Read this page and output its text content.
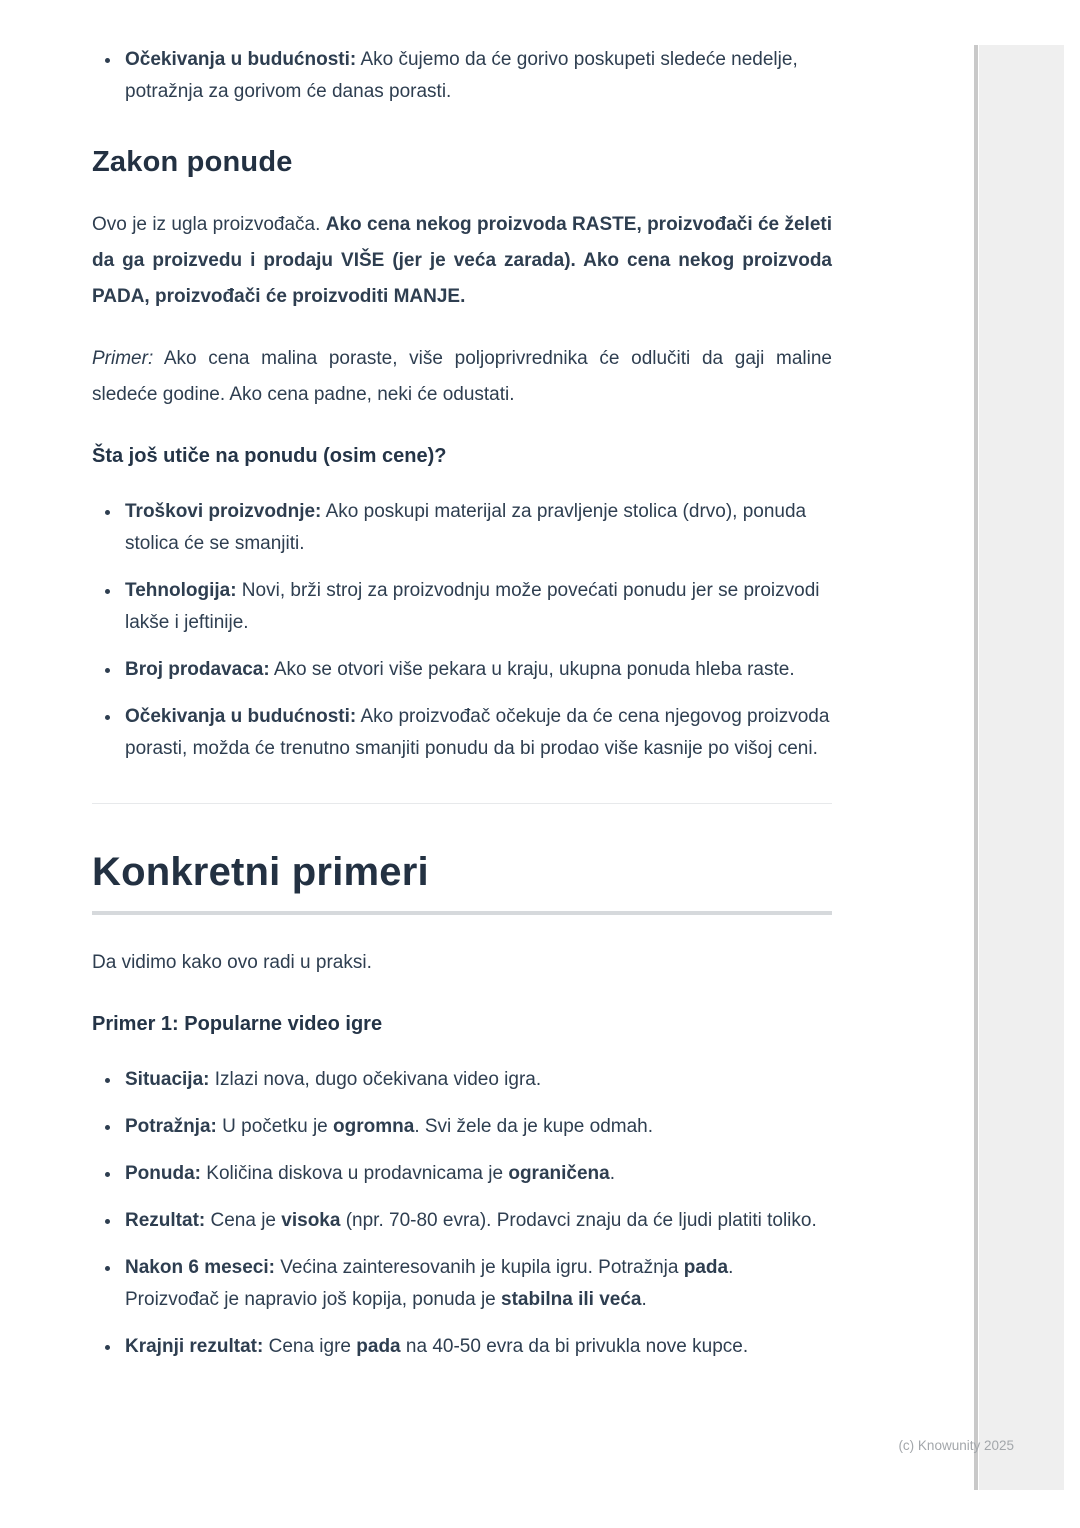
• Očekivanja u budućnosti: Ako čujemo da će gorivo poskupeti sledeće nedelje, potražnja za gorivom će danas porasti.
Zakon ponude

Ovo je iz ugla proizvođača. Ako cena nekog proizvoda RASTE, proizvođači će želeti da ga proizvedu i prodaju VIŠE (jer je veća zarada). Ako cena nekog proizvoda PADA, proizvođači će proizvoditi MANJE.

Primer: Ako cena malina poraste, više poljoprivrednika će odlučiti da gaji maline sledeće godine. Ako cena padne, neki će odustati.

Šta još utiče na ponudu (osim cene)?
• Troškovi proizvodnje: Ako poskupi materijal za pravljenje stolica (drvo), ponuda stolica će se smanjiti.
• Tehnologija: Novi, brži stroj za proizvodnju može povećati ponudu jer se proizvodi lakše i jeftinije.
• Broj prodavaca: Ako se otvori više pekara u kraju, ukupna ponuda hleba raste.
• Očekivanja u budućnosti: Ako proizvođač očekuje da će cena njegovog proizvoda porasti, možda će trenutno smanjiti ponudu da bi prodao više kasnije po višoj ceni.
Konkretni primeri

Da vidimo kako ovo radi u praksi.

Primer 1: Popularne video igre
• Situacija: Izlazi nova, dugo očekivana video igra.
• Potražnja: U početku je ogromna. Svi žele da je kupe odmah.
• Ponuda: Količina diskova u prodavnicama je ograničena.
• Rezultat: Cena je visoka (npr. 70-80 evra). Prodavci znaju da će ljudi platiti toliko.
• Nakon 6 meseci: Većina zainteresovanih je kupila igru. Potražnja pada. Proizvođač je napravio još kopija, ponuda je stabilna ili veća.
• Krajnji rezultat: Cena igre pada na 40-50 evra da bi privukla nove kupce.
(c) Knowunity 2025
